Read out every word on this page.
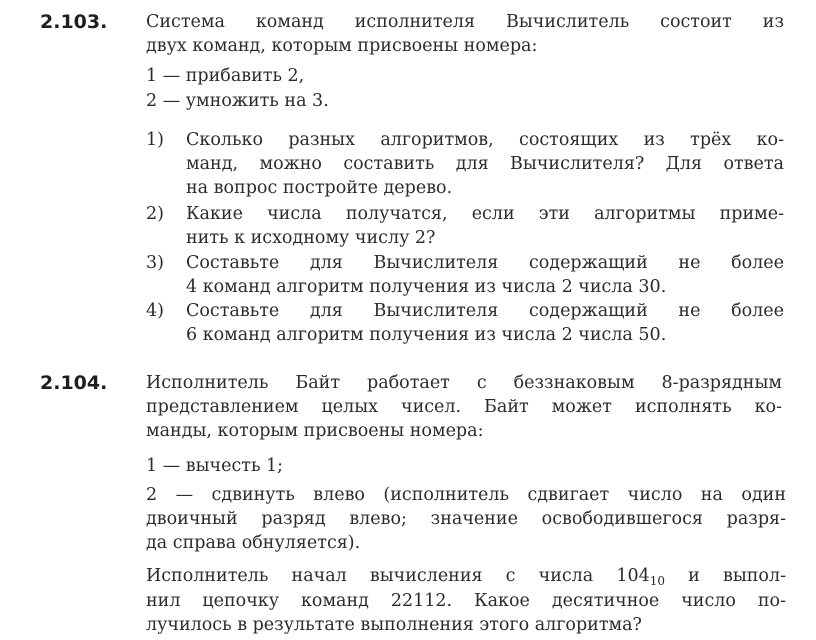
2.103. Система команд исполнителя Вычислитель состоит из
двух команд, которым присвоены номера:
1 — прибавить 2,
2 — умножить на 3.
1) Сколько разных алгоритмов, состоящих из трёх ко-
манд, можно составить для Вычислителя? Для ответа
на вопрос постройте дерево.
2) Какие числа получатся, если эти алгоритмы приме-
нить к исходному числу 2?
3) Составьте для Вычислителя содержащий не более
4 команд алгоритм получения из числа 2 числа 30.
4) Составьте для Вычислителя содержащий не более
6 команд алгоритм получения из числа 2 числа 50.
2.104. Исполнитель Байт работает с беззнаковым 8-разрядным
представлением целых чисел. Байт может исполнять ко-
манды, которым присвоены номера:
1 — вычесть 1;
2 — сдвинуть влево (исполнитель сдвигает число на один
двоичный разряд влево; значение освободившегося разря-
да справа обнуляется).
Исполнитель начал вычисления с числа $104_{10}$ и выпол-
нил цепочку команд 22112. Какое десятичное число по-
лучилось в результате выполнения этого алгоритма?
